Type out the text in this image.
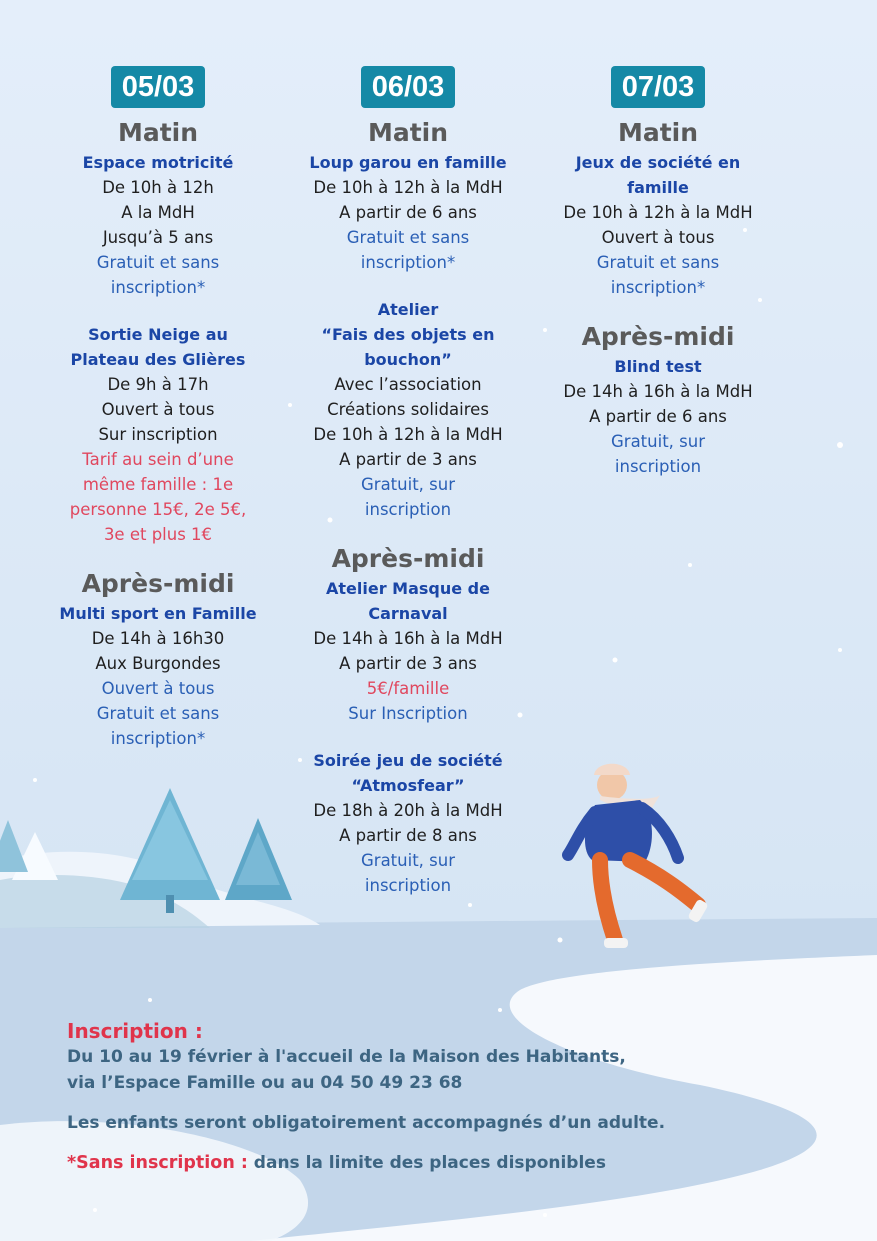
05/03
Matin
Espace motricité
De 10h à 12h
A la MdH
Jusqu’à 5 ans
Gratuit et sans
inscription*
Sortie Neige au
Plateau des Glières
De 9h à 17h
Ouvert à tous
Sur inscription
Tarif au sein d’une
même famille : 1e
personne 15€, 2e 5€,
3e et plus 1€
Après-midi
Multi sport en Famille
De 14h à 16h30
Aux Burgondes
Ouvert à tous
Gratuit et sans
inscription*
06/03
Matin
Loup garou en famille
De 10h à 12h à la MdH
A partir de 6 ans
Gratuit et sans
inscription*
Atelier
“Fais des objets en
bouchon”
Avec l’association
Créations solidaires
De 10h à 12h à la MdH
A partir de 3 ans
Gratuit, sur
inscription
Après-midi
Atelier Masque de
Carnaval
De 14h à 16h à la MdH
A partir de 3 ans
5€/famille
Sur Inscription
Soirée jeu de société
“Atmosfear”
De 18h à 20h à la MdH
A partir de 8 ans
Gratuit, sur
inscription
07/03
Matin
Jeux de société en
famille
De 10h à 12h à la MdH
Ouvert à tous
Gratuit et sans
inscription*
Après-midi
Blind test
De 14h à 16h à la MdH
A partir de 6 ans
Gratuit, sur
inscription
Inscription :
Du 10 au 19 février à l'accueil de la Maison des Habitants,
via l’Espace Famille ou au 04 50 49 23 68
Les enfants seront obligatoirement accompagnés d’un adulte.
*Sans inscription : dans la limite des places disponibles
